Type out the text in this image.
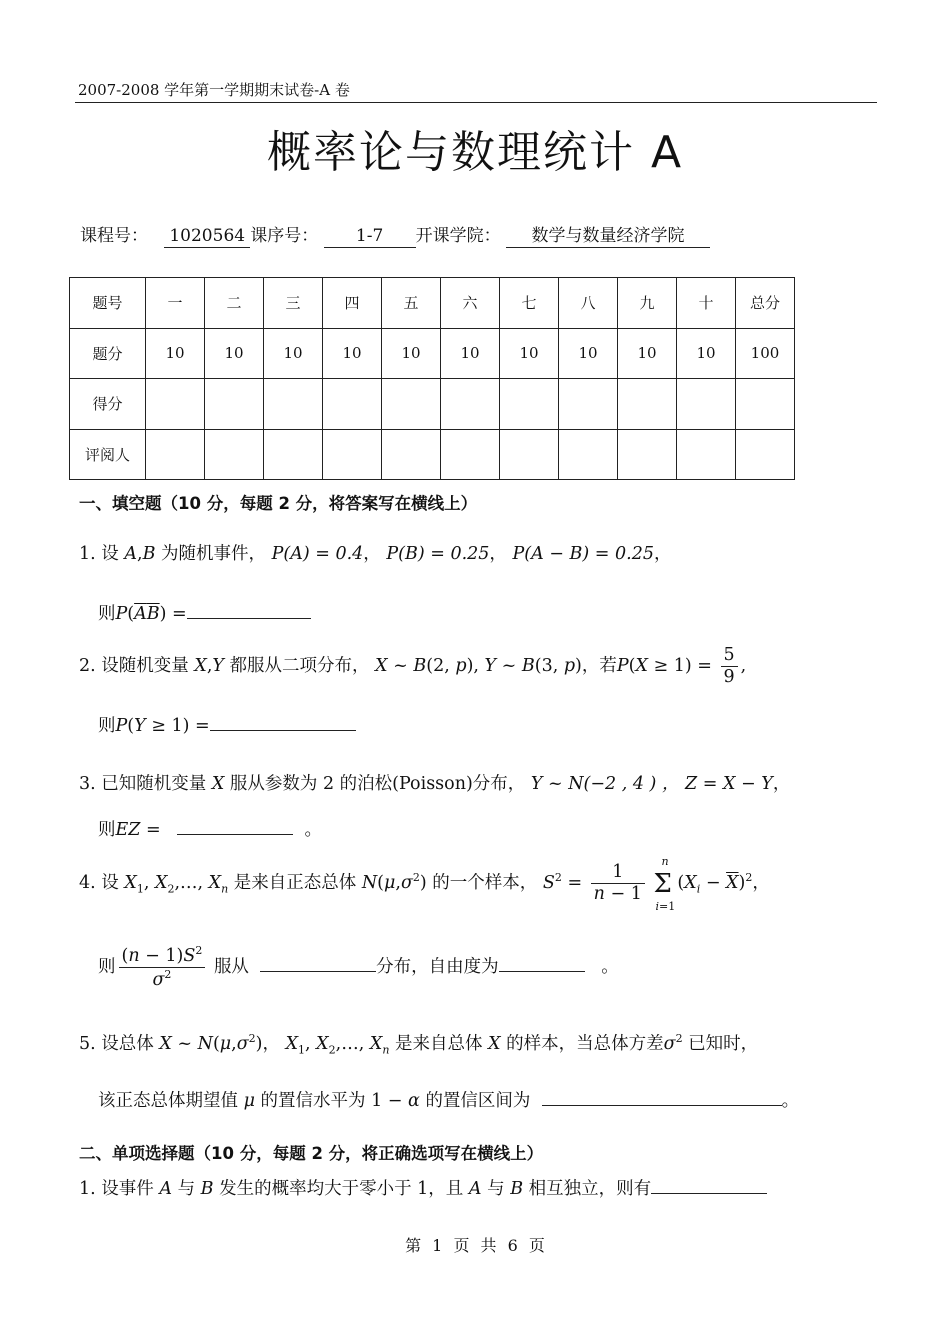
2007-2008 学年第一学期期末试卷-A 卷
概率论与数理统计 A
课程号： 1020564 课序号： 1-7 开课学院： 数学与数量经济学院
题号	一	二	三	四	五	六	七	八	九	十	总分
题分	10	10	10	10	10	10	10	10	10	10	100
得分											
评阅人											
一、填空题（10 分，每题 2 分，将答案写在横线上）
1. 设 A,B 为随机事件， P(A) = 0.4， P(B) = 0.25， P(A − B) = 0.25，
则$P(\overline{A}\overline{B})$ =
2. 设随机变量 X,Y 都服从二项分布， X ~ B(2, p), Y ~ B(3, p)，若$P(X \ge 1) = \frac{5}{9}$ ,
则P(Y ≥ 1) =
3. 已知随机变量 X 服从参数为 2 的泊松(Poisson)分布， Y ~ N(−2 , 4 ) ， Z = X − Y，
则EZ =	。
4. 设 $X_1$, $X_2,\dots$, $X_n$ 是来自正态总体 $N(\mu,\sigma^2)$ 的一个样本， $S^2 = \frac{1}{n - 1}$ Σ
n
i=1
$(X_i - \overline{X})^2$，
则 $\frac{(n - 1)S^2}{\sigma^2}$ 服从	分布，自由度为	。
5. 设总体 X ~ $N(\mu,\sigma^2)$， $X_1$, $X_2,\dots$, $X_n$ 是来自总体 X 的样本，当总体方差$\sigma^2$ 已知时，
该正态总体期望值 μ 的置信水平为 1 − α 的置信区间为	。
二、单项选择题（10 分，每题 2 分，将正确选项写在横线上）
1. 设事件 A 与 B 发生的概率均大于零小于 1，且 A 与 B 相互独立，则有
第 1 页 共 6 页
